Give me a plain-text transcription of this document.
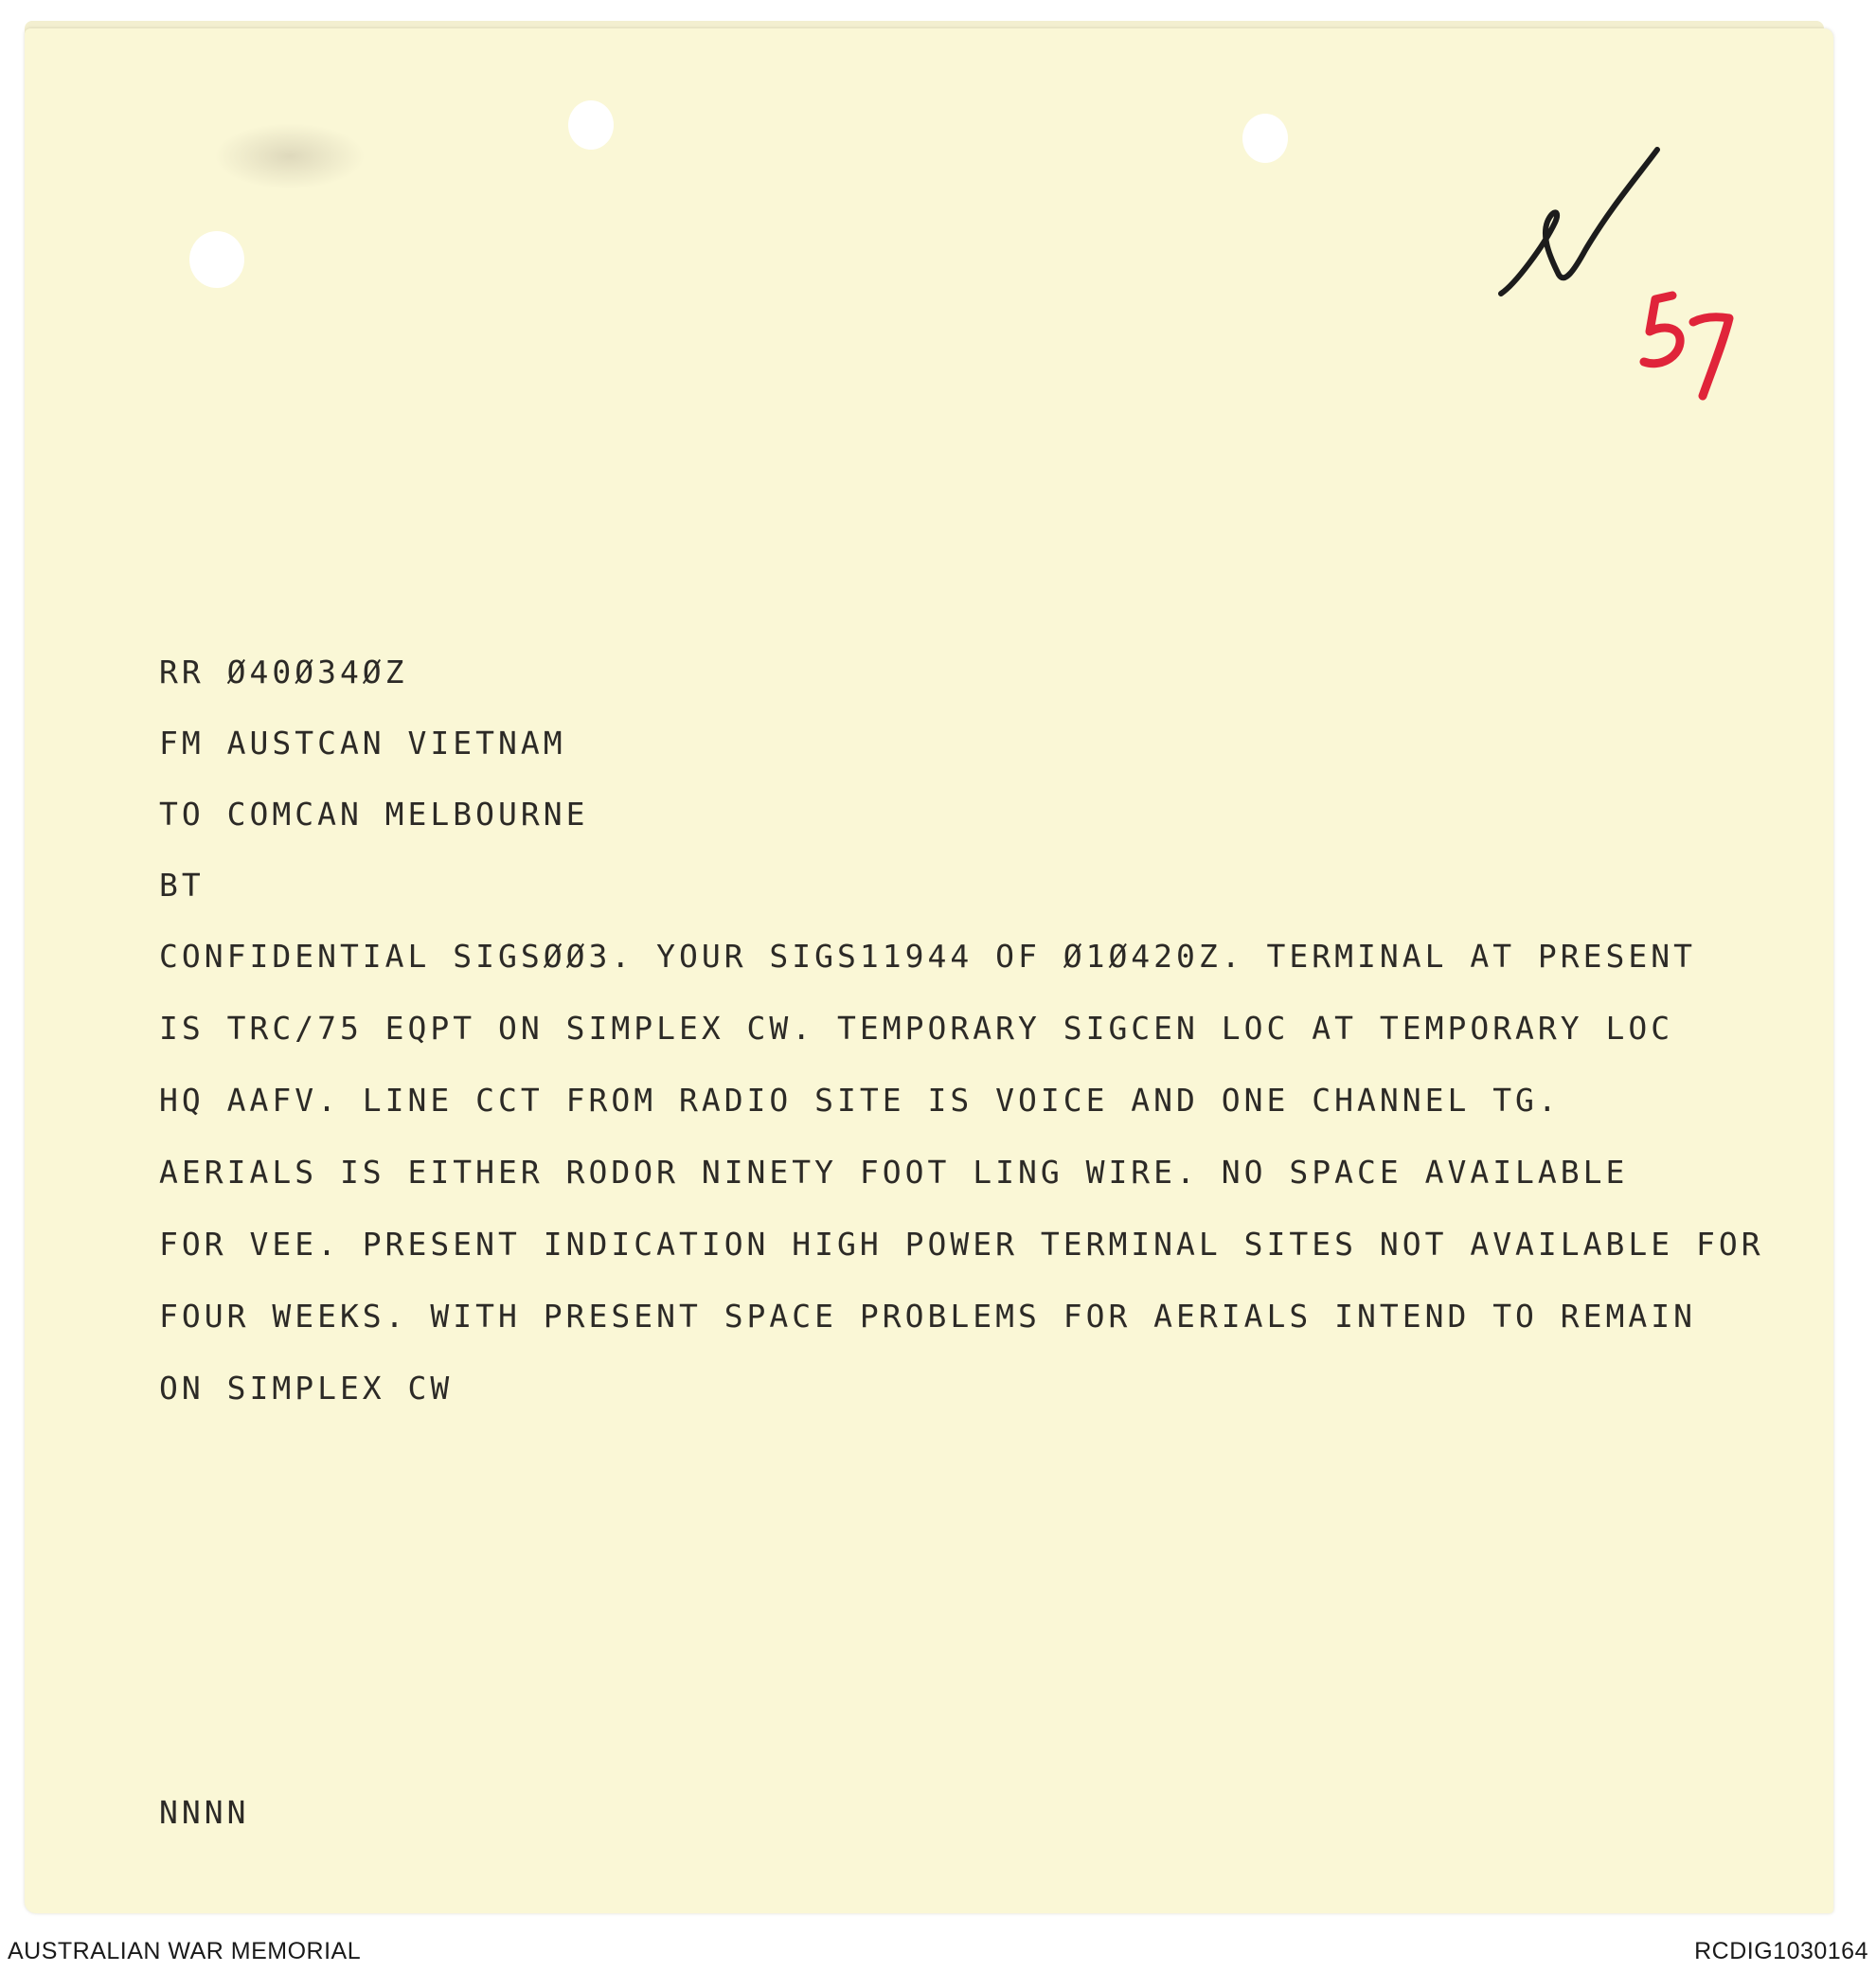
RR Ø40Ø34ØZ

FM AUSTCAN VIETNAM

TO COMCAN MELBOURNE

BT

CONFIDENTIAL SIGSØØ3. YOUR SIGS11944 OF Ø1Ø420Z. TERMINAL AT PRESENT

IS TRC/75 EQPT ON SIMPLEX CW. TEMPORARY SIGCEN LOC AT TEMPORARY LOC

HQ AAFV. LINE CCT FROM RADIO SITE IS VOICE AND ONE CHANNEL TG.

AERIALS IS EITHER RODOR NINETY FOOT LING WIRE. NO SPACE AVAILABLE

FOR VEE. PRESENT INDICATION HIGH POWER TERMINAL SITES NOT AVAILABLE FOR

FOUR WEEKS. WITH PRESENT SPACE PROBLEMS FOR AERIALS INTEND TO REMAIN

ON SIMPLEX CW

NNNN

AUSTRALIAN WAR MEMORIAL	RCDIG1030164
